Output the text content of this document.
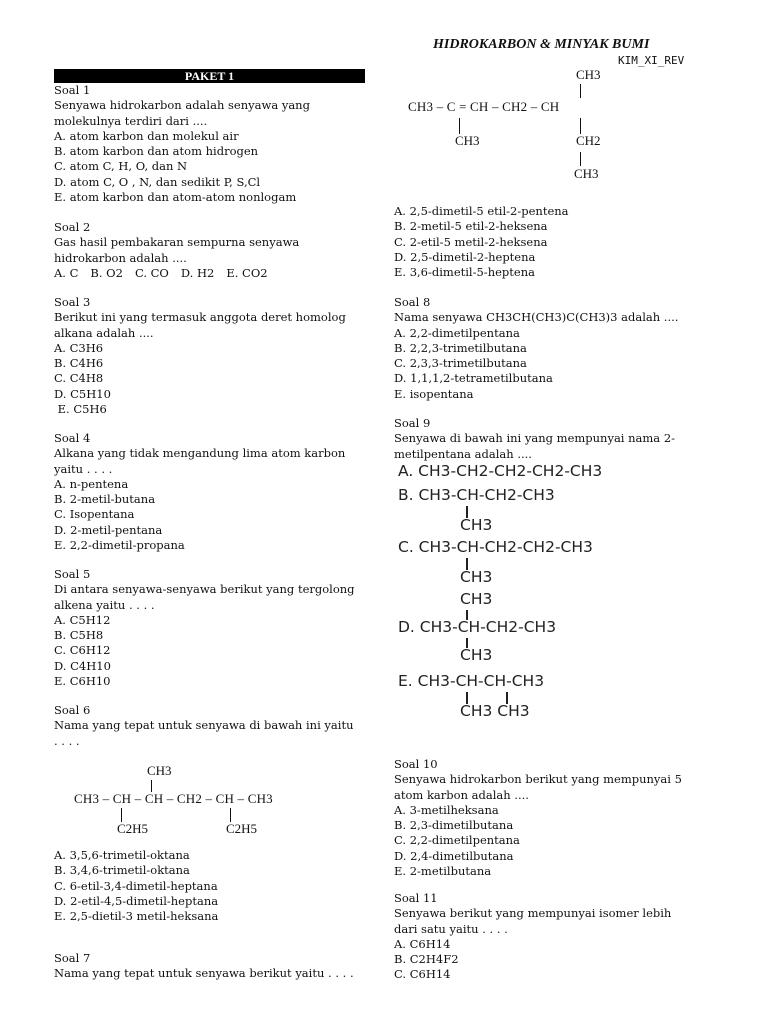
HIDROKARBON & MINYAK BUMI
KIM_XI_REV
PAKET 1
Soal 1
Senyawa hidrokarbon adalah senyawa yang
molekulnya terdiri dari ....
A. atom karbon dan molekul air
B. atom karbon dan atom hidrogen
C. atom C, H, O, dan N
D. atom C, O , N, dan sedikit P, S,Cl
E. atom karbon dan atom-atom nonlogam
Soal 2
Gas hasil pembakaran sempurna senyawa
hidrokarbon adalah ....
A. C B. O2 C. CO D. H2 E. CO2
Soal 3
Berikut ini yang termasuk anggota deret homolog
alkana adalah ....
A. C3H6
B. C4H6
C. C4H8
D. C5H10
E. C5H6
Soal 4
Alkana yang tidak mengandung lima atom karbon
yaitu . . . .
A. n-pentena
B. 2-metil-butana
C. Isopentana
D. 2-metil-pentana
E. 2,2-dimetil-propana
Soal 5
Di antara senyawa-senyawa berikut yang tergolong
alkena yaitu . . . .
A. C5H12
B. C5H8
C. C6H12
D. C4H10
E. C6H10
Soal 6
Nama yang tepat untuk senyawa di bawah ini yaitu
. . . .
A. 3,5,6-trimetil-oktana
B. 3,4,6-trimetil-oktana
C. 6-etil-3,4-dimetil-heptana
D. 2-etil-4,5-dimetil-heptana
E. 2,5-dietil-3 metil-heksana
Soal 7
Nama yang tepat untuk senyawa berikut yaitu . . . .
CH3
CH3 – CH – CH – CH2 – CH – CH3
C2H5	C2H5
CH3
CH3 – C = CH – CH2 – CH
CH3	CH2
CH3
A. 2,5-dimetil-5 etil-2-pentena
B. 2-metil-5 etil-2-heksena
C. 2-etil-5 metil-2-heksena
D. 2,5-dimetil-2-heptena
E. 3,6-dimetil-5-heptena
Soal 8
Nama senyawa CH3CH(CH3)C(CH3)3 adalah ....
A. 2,2-dimetilpentana
B. 2,2,3-trimetilbutana
C. 2,3,3-trimetilbutana
D. 1,1,1,2-tetrametilbutana
E. isopentana
Soal 9
Senyawa di bawah ini yang mempunyai nama 2-
metilpentana adalah ....
Soal 10
Senyawa hidrokarbon berikut yang mempunyai 5
atom karbon adalah ....
A. 3-metilheksana
B. 2,3-dimetilbutana
C. 2,2-dimetilpentana
D. 2,4-dimetilbutana
E. 2-metilbutana
Soal 11
Senyawa berikut yang mempunyai isomer lebih
dari satu yaitu . . . .
A. C6H14
B. C2H4F2
C. C6H14
A. CH3-CH2-CH2-CH2-CH3
B. CH3-CH-CH2-CH3
CH3
C. CH3-CH-CH2-CH2-CH3
CH3
CH3
D. CH3-CH-CH2-CH3
CH3
E. CH3-CH-CH-CH3
CH3 CH3
